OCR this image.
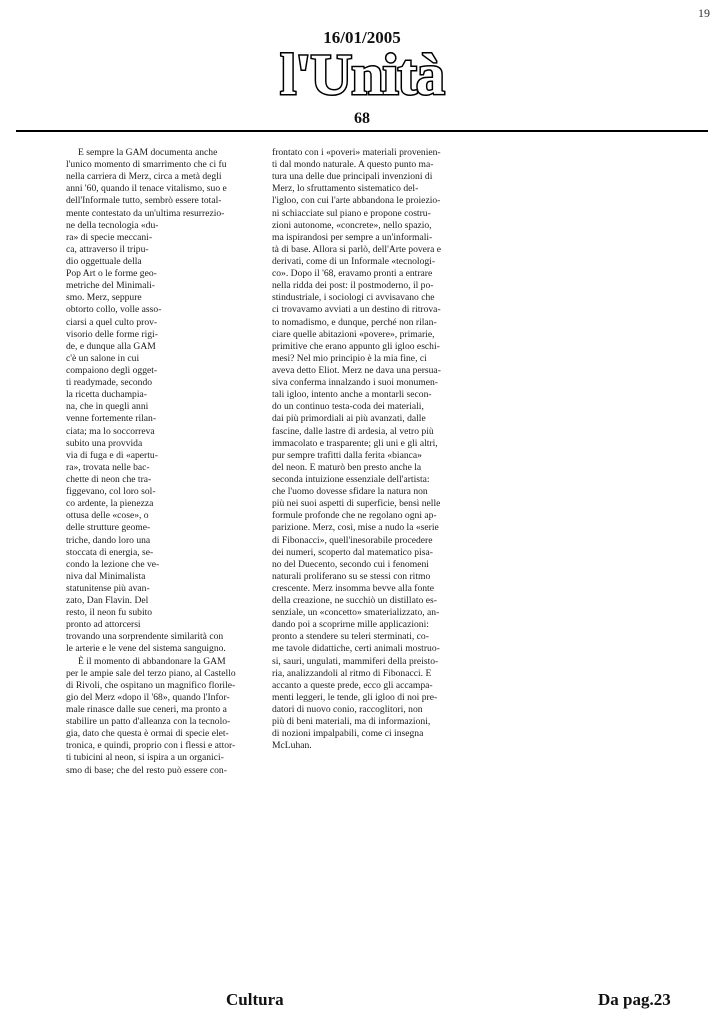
19
16/01/2005
l'Unità
68
E sempre la GAM documenta anche
l'unico momento di smarrimento che ci fu
nella carriera di Merz, circa a metà degli
anni '60, quando il tenace vitalismo, suo e
dell'Informale tutto, sembrò essere total-
mente contestato da un'ultima resurrezio-
ne della tecnologia «du-
ra» di specie meccani-
ca, attraverso il tripu-
dio oggettuale della
Pop Art o le forme geo-
metriche del Minimali-
smo. Merz, seppure
obtorto collo, volle asso-
ciarsi a quel culto prov-
visorio delle forme rigi-
de, e dunque alla GAM
c'è un salone in cui
compaiono degli ogget-
ti readymade, secondo
la ricetta duchampia-
na, che in quegli anni
venne fortemente rilan-
ciata; ma lo soccorreva
subito una provvida
via di fuga e di «apertu-
ra», trovata nelle bac-
chette di neon che tra-
figgevano, col loro sol-
co ardente, la pienezza
ottusa delle «cose», o
delle strutture geome-
triche, dando loro una
stoccata di energia, se-
condo la lezione che ve-
niva dal Minimalista
statunitense più avan-
zato, Dan Flavin. Del
resto, il neon fu subito
pronto ad attorcersi
trovando una sorprendente similarità con
le arterie e le vene del sistema sanguigno.
È il momento di abbandonare la GAM
per le ampie sale del terzo piano, al Castello
di Rivoli, che ospitano un magnifico florile-
gio del Merz «dopo il '68», quando l'Infor-
male rinasce dalle sue ceneri, ma pronto a
stabilire un patto d'alleanza con la tecnolo-
gia, dato che questa è ormai di specie elet-
tronica, e quindi, proprio con i flessi e attor-
ti tubicini al neon, si ispira a un organici-
smo di base; che del resto può essere con-
frontato con i «poveri» materiali provenien-
ti dal mondo naturale. A questo punto ma-
tura una delle due principali invenzioni di
Merz, lo sfruttamento sistematico del-
l'igloo, con cui l'arte abbandona le proiezio-
ni schiacciate sul piano e propone costru-
zioni autonome, «concrete», nello spazio,
ma ispirandosi per sempre a un'informali-
tà di base. Allora si parlò, dell'Arte povera e
derivati, come di un Informale «tecnologi-
co». Dopo il '68, eravamo pronti a entrare
nella ridda dei post: il postmoderno, il po-
stindustriale, i sociologi ci avvisavano che
ci trovavamo avviati a un destino di ritrova-
to nomadismo, e dunque, perché non rilan-
ciare quelle abitazioni «povere», primarie,
primitive che erano appunto gli igloo eschi-
mesi? Nel mio principio è la mia fine, ci
aveva detto Eliot. Merz ne dava una persua-
siva conferma innalzando i suoi monumen-
tali igloo, intento anche a montarli secon-
do un continuo testa-coda dei materiali,
dai più primordiali ai più avanzati, dalle
fascine, dalle lastre di ardesia, al vetro più
immacolato e trasparente; gli uni e gli altri,
pur sempre trafitti dalla ferita «bianca»
del neon. E maturò ben presto anche la
seconda intuizione essenziale dell'artista:
che l'uomo dovesse sfidare la natura non
più nei suoi aspetti di superficie, bensì nelle
formule profonde che ne regolano ogni ap-
parizione. Merz, così, mise a nudo la «serie
di Fibonacci», quell'inesorabile procedere
dei numeri, scoperto dal matematico pisa-
no del Duecento, secondo cui i fenomeni
naturali proliferano su se stessi con ritmo
crescente. Merz insomma bevve alla fonte
della creazione, ne succhiò un distillato es-
senziale, un «concetto» smaterializzato, an-
dando poi a scoprirne mille applicazioni:
pronto a stendere su teleri sterminati, co-
me tavole didattiche, certi animali mostruo-
si, sauri, ungulati, mammiferi della preisto-
ria, analizzandoli al ritmo di Fibonacci. E
accanto a queste prede, ecco gli accampa-
menti leggeri, le tende, gli igloo di noi pre-
datori di nuovo conio, raccoglitori, non
più di beni materiali, ma di informazioni,
di nozioni impalpabili, come ci insegna
McLuhan.
Cultura	Da pag.23
